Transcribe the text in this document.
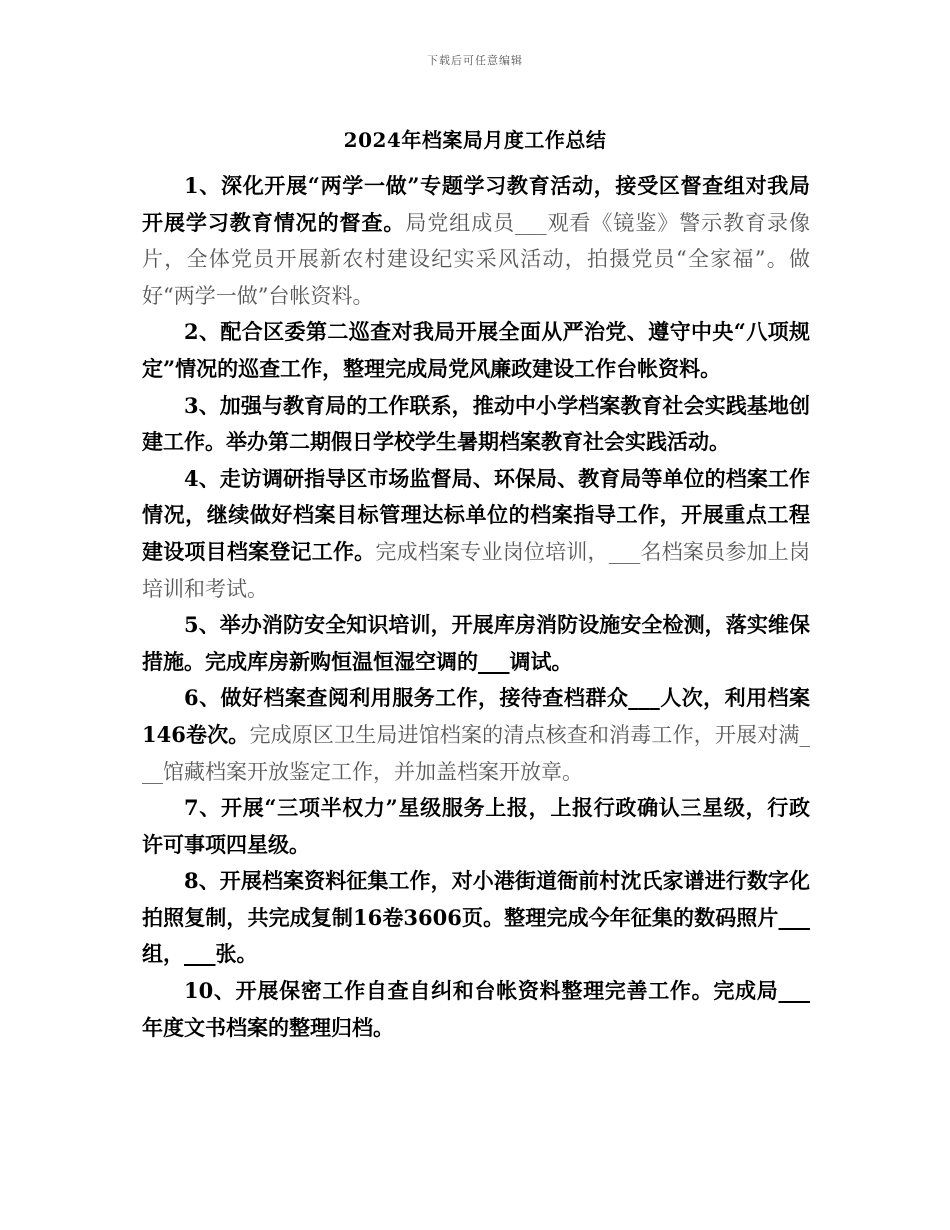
下载后可任意编辑
2024年档案局月度工作总结

1、深化开展“两学一做”专题学习教育活动，接受区督查组对我局开展学习教育情况的督查。局党组成员___观看《镜鉴》警示教育录像片，全体党员开展新农村建设纪实采风活动，拍摄党员“全家福”。做好“两学一做”台帐资料。

2、配合区委第二巡查对我局开展全面从严治党、遵守中央“八项规定”情况的巡查工作，整理完成局党风廉政建设工作台帐资料。

3、加强与教育局的工作联系，推动中小学档案教育社会实践基地创建工作。举办第二期假日学校学生暑期档案教育社会实践活动。

4、走访调研指导区市场监督局、环保局、教育局等单位的档案工作情况，继续做好档案目标管理达标单位的档案指导工作，开展重点工程建设项目档案登记工作。完成档案专业岗位培训，___名档案员参加上岗培训和考试。

5、举办消防安全知识培训，开展库房消防设施安全检测，落实维保措施。完成库房新购恒温恒湿空调的___调试。

6、做好档案查阅利用服务工作，接待查档群众___人次，利用档案146卷次。完成原区卫生局进馆档案的清点核查和消毒工作，开展对满___馆藏档案开放鉴定工作，并加盖档案开放章。

7、开展“三项半权力”星级服务上报，上报行政确认三星级，行政许可事项四星级。

8、开展档案资料征集工作，对小港街道衙前村沈氏家谱进行数字化拍照复制，共完成复制16卷3606页。整理完成今年征集的数码照片___组，___张。

10、开展保密工作自查自纠和台帐资料整理完善工作。完成局___年度文书档案的整理归档。
